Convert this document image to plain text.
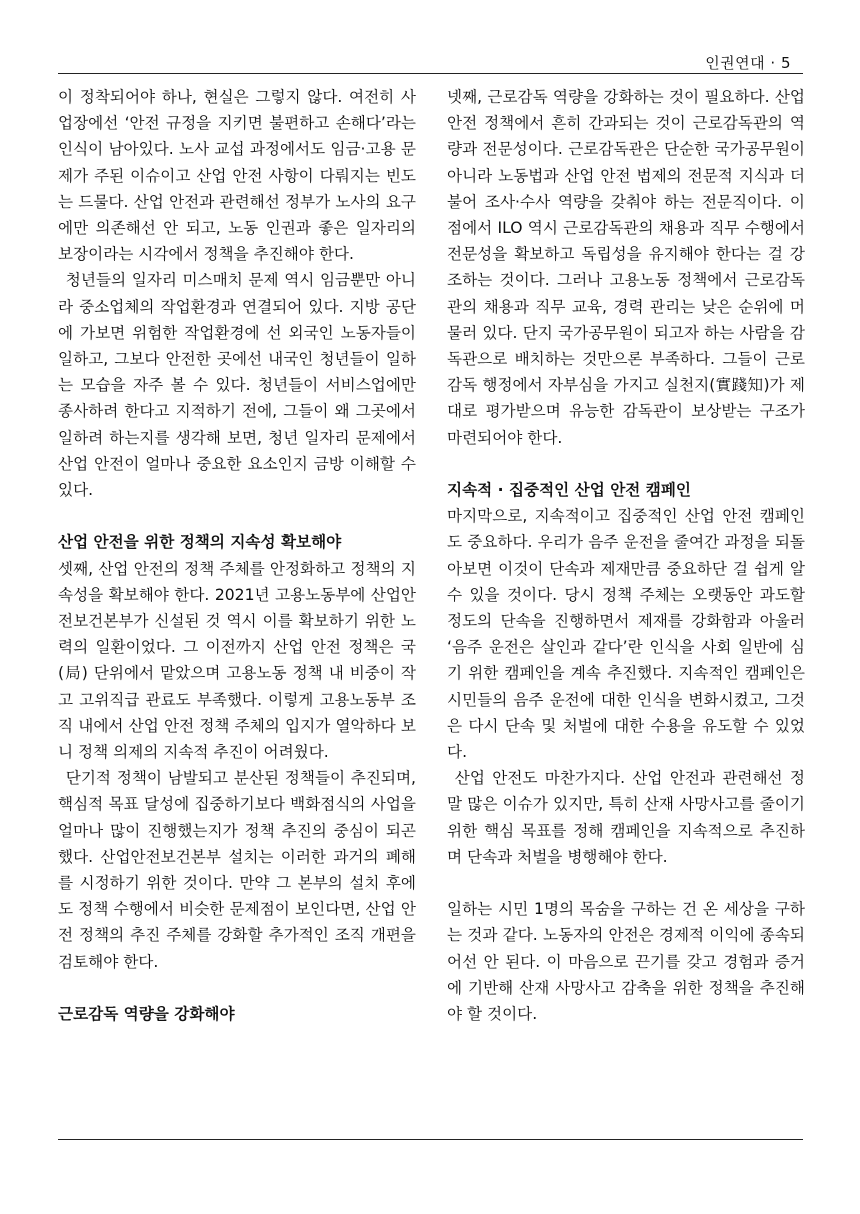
인권연대 · 5

이 정착되어야 하나, 현실은 그렇지 않다. 여전히 사업장에선 ‘안전 규정을 지키면 불편하고 손해다’라는 인식이 남아있다. 노사 교섭 과정에서도 임금·고용 문제가 주된 이슈이고 산업 안전 사항이 다뤄지는 빈도는 드물다. 산업 안전과 관련해선 정부가 노사의 요구에만 의존해선 안 되고, 노동 인권과 좋은 일자리의 보장이라는 시각에서 정책을 추진해야 한다.

청년들의 일자리 미스매치 문제 역시 임금뿐만 아니라 중소업체의 작업환경과 연결되어 있다. 지방 공단에 가보면 위험한 작업환경에 선 외국인 노동자들이 일하고, 그보다 안전한 곳에선 내국인 청년들이 일하는 모습을 자주 볼 수 있다. 청년들이 서비스업에만 종사하려 한다고 지적하기 전에, 그들이 왜 그곳에서 일하려 하는지를 생각해 보면, 청년 일자리 문제에서 산업 안전이 얼마나 중요한 요소인지 금방 이해할 수 있다.

산업 안전을 위한 정책의 지속성 확보해야

셋째, 산업 안전의 정책 주체를 안정화하고 정책의 지속성을 확보해야 한다. 2021년 고용노동부에 산업안전보건본부가 신설된 것 역시 이를 확보하기 위한 노력의 일환이었다. 그 이전까지 산업 안전 정책은 국(局) 단위에서 맡았으며 고용노동 정책 내 비중이 작고 고위직급 관료도 부족했다. 이렇게 고용노동부 조직 내에서 산업 안전 정책 주체의 입지가 열악하다 보니 정책 의제의 지속적 추진이 어려웠다.

단기적 정책이 남발되고 분산된 정책들이 추진되며, 핵심적 목표 달성에 집중하기보다 백화점식의 사업을 얼마나 많이 진행했는지가 정책 추진의 중심이 되곤 했다. 산업안전보건본부 설치는 이러한 과거의 폐해를 시정하기 위한 것이다. 만약 그 본부의 설치 후에도 정책 수행에서 비슷한 문제점이 보인다면, 산업 안전 정책의 추진 주체를 강화할 추가적인 조직 개편을 검토해야 한다.

근로감독 역량을 강화해야

넷째, 근로감독 역량을 강화하는 것이 필요하다. 산업 안전 정책에서 흔히 간과되는 것이 근로감독관의 역량과 전문성이다. 근로감독관은 단순한 국가공무원이 아니라 노동법과 산업 안전 법제의 전문적 지식과 더불어 조사·수사 역량을 갖춰야 하는 전문직이다. 이 점에서 ILO 역시 근로감독관의 채용과 직무 수행에서 전문성을 확보하고 독립성을 유지해야 한다는 걸 강조하는 것이다. 그러나 고용노동 정책에서 근로감독관의 채용과 직무 교육, 경력 관리는 낮은 순위에 머물러 있다. 단지 국가공무원이 되고자 하는 사람을 감독관으로 배치하는 것만으론 부족하다. 그들이 근로감독 행정에서 자부심을 가지고 실천지(實踐知)가 제대로 평가받으며 유능한 감독관이 보상받는 구조가 마련되어야 한다.

지속적 · 집중적인 산업 안전 캠페인

마지막으로, 지속적이고 집중적인 산업 안전 캠페인도 중요하다. 우리가 음주 운전을 줄여간 과정을 되돌아보면 이것이 단속과 제재만큼 중요하단 걸 쉽게 알 수 있을 것이다. 당시 정책 주체는 오랫동안 과도할 정도의 단속을 진행하면서 제재를 강화함과 아울러 ‘음주 운전은 살인과 같다’란 인식을 사회 일반에 심기 위한 캠페인을 계속 추진했다. 지속적인 캠페인은 시민들의 음주 운전에 대한 인식을 변화시켰고, 그것은 다시 단속 및 처벌에 대한 수용을 유도할 수 있었다.

산업 안전도 마찬가지다. 산업 안전과 관련해선 정말 많은 이슈가 있지만, 특히 산재 사망사고를 줄이기 위한 핵심 목표를 정해 캠페인을 지속적으로 추진하며 단속과 처벌을 병행해야 한다.

일하는 시민 1명의 목숨을 구하는 건 온 세상을 구하는 것과 같다. 노동자의 안전은 경제적 이익에 종속되어선 안 된다. 이 마음으로 끈기를 갖고 경험과 증거에 기반해 산재 사망사고 감축을 위한 정책을 추진해야 할 것이다.
